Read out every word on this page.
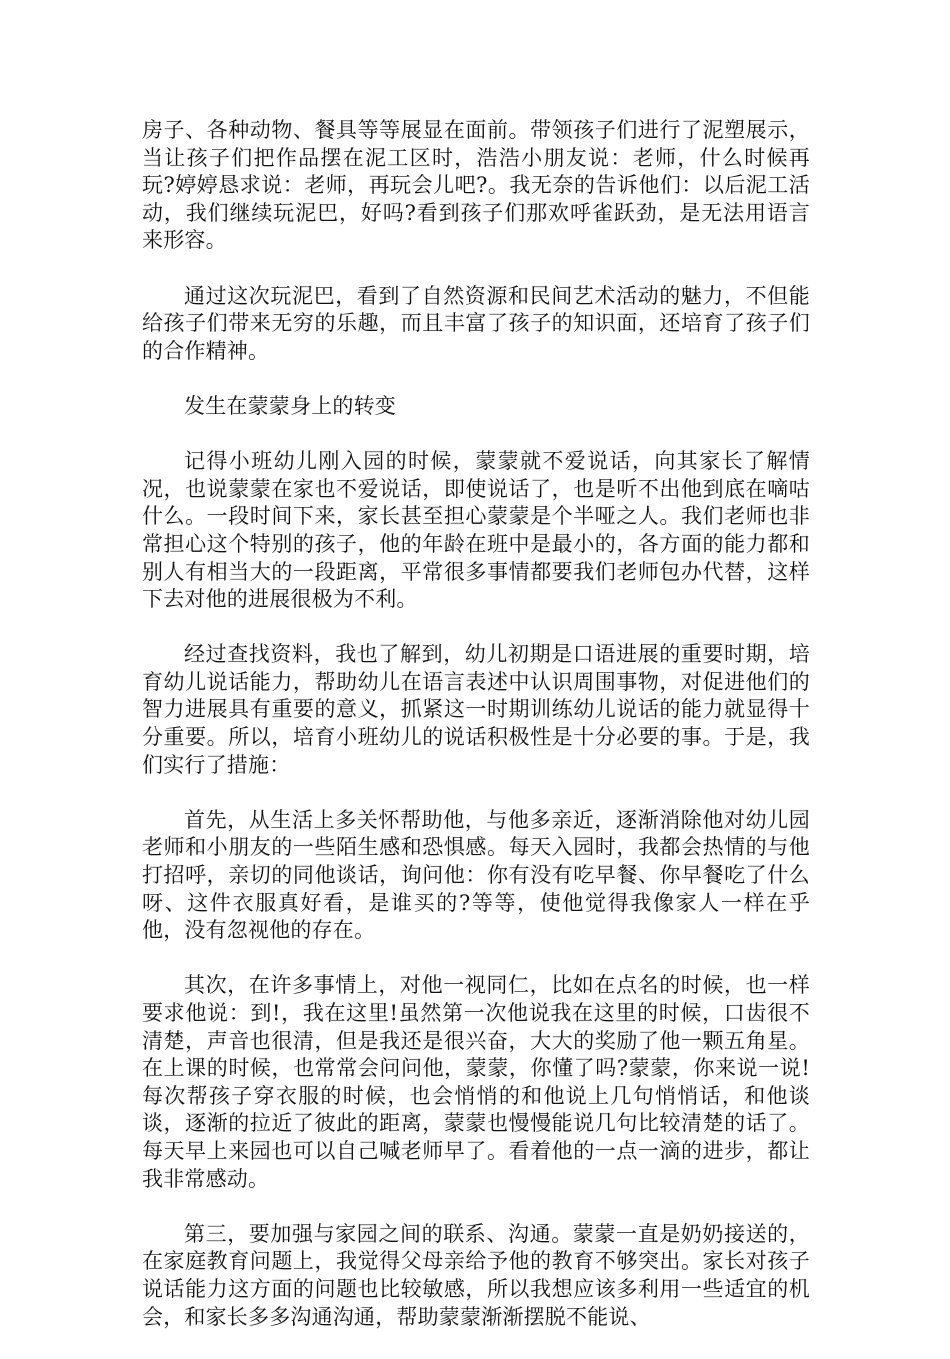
房子、各种动物、餐具等等展显在面前。带领孩子们进行了泥塑展示，当让孩子们把作品摆在泥工区时，浩浩小朋友说：老师，什么时候再玩?婷婷恳求说：老师，再玩会儿吧?。我无奈的告诉他们：以后泥工活动，我们继续玩泥巴，好吗?看到孩子们那欢呼雀跃劲，是无法用语言来形容。

通过这次玩泥巴，看到了自然资源和民间艺术活动的魅力，不但能给孩子们带来无穷的乐趣，而且丰富了孩子的知识面，还培育了孩子们的合作精神。

发生在蒙蒙身上的转变

记得小班幼儿刚入园的时候，蒙蒙就不爱说话，向其家长了解情况，也说蒙蒙在家也不爱说话，即使说话了，也是听不出他到底在嘀咕什么。一段时间下来，家长甚至担心蒙蒙是个半哑之人。我们老师也非常担心这个特别的孩子，他的年龄在班中是最小的，各方面的能力都和别人有相当大的一段距离，平常很多事情都要我们老师包办代替，这样下去对他的进展很极为不利。

经过查找资料，我也了解到，幼儿初期是口语进展的重要时期，培育幼儿说话能力，帮助幼儿在语言表述中认识周围事物，对促进他们的智力进展具有重要的意义，抓紧这一时期训练幼儿说话的能力就显得十分重要。所以，培育小班幼儿的说话积极性是十分必要的事。于是，我们实行了措施：

首先，从生活上多关怀帮助他，与他多亲近，逐渐消除他对幼儿园老师和小朋友的一些陌生感和恐惧感。每天入园时，我都会热情的与他打招呼，亲切的同他谈话，询问他：你有没有吃早餐、你早餐吃了什么呀、这件衣服真好看，是谁买的?等等，使他觉得我像家人一样在乎他，没有忽视他的存在。

其次，在许多事情上，对他一视同仁，比如在点名的时候，也一样要求他说：到!，我在这里!虽然第一次他说我在这里的时候，口齿很不清楚，声音也很清，但是我还是很兴奋，大大的奖励了他一颗五角星。在上课的时候，也常常会问问他，蒙蒙，你懂了吗?蒙蒙，你来说一说! 每次帮孩子穿衣服的时候，也会悄悄的和他说上几句悄悄话，和他谈谈，逐渐的拉近了彼此的距离，蒙蒙也慢慢能说几句比较清楚的话了。每天早上来园也可以自己喊老师早了。看着他的一点一滴的进步，都让我非常感动。

第三，要加强与家园之间的联系、沟通。蒙蒙一直是奶奶接送的，在家庭教育问题上，我觉得父母亲给予他的教育不够突出。家长对孩子说话能力这方面的问题也比较敏感，所以我想应该多利用一些适宜的机会，和家长多多沟通沟通，帮助蒙蒙渐渐摆脱不能说、
